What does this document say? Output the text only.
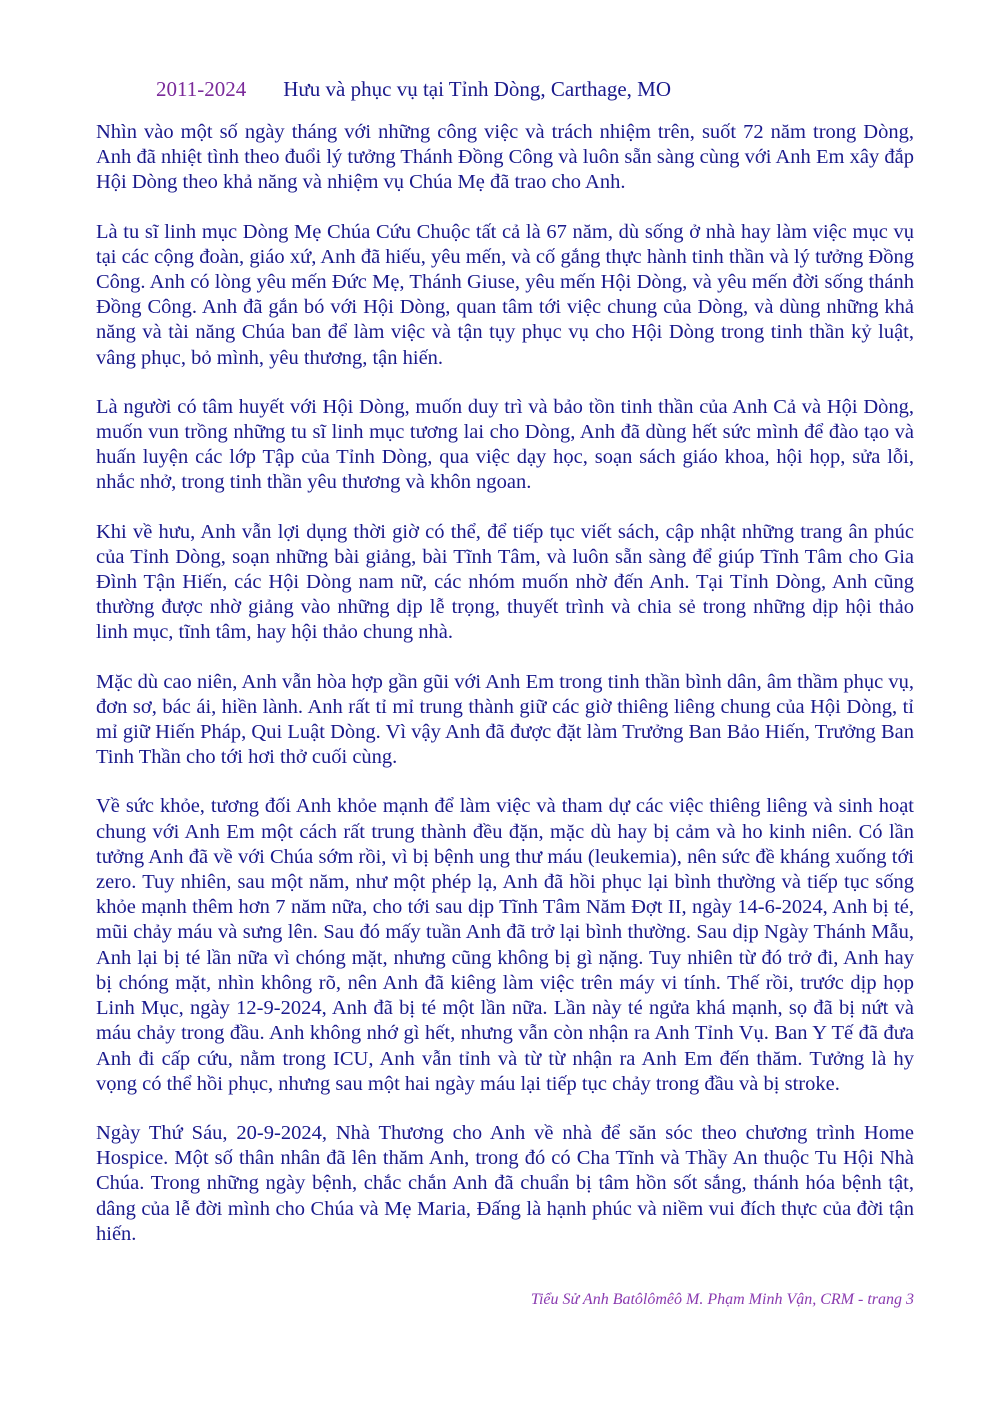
2011-2024 Hưu và phục vụ tại Tỉnh Dòng, Carthage, MO

Nhìn vào một số ngày tháng với những công việc và trách nhiệm trên, suốt 72 năm trong Dòng, Anh đã nhiệt tình theo đuổi lý tưởng Thánh Đồng Công và luôn sẵn sàng cùng với Anh Em xây đắp Hội Dòng theo khả năng và nhiệm vụ Chúa Mẹ đã trao cho Anh.

Là tu sĩ linh mục Dòng Mẹ Chúa Cứu Chuộc tất cả là 67 năm, dù sống ở nhà hay làm việc mục vụ tại các cộng đoàn, giáo xứ, Anh đã hiếu, yêu mến, và cố gắng thực hành tinh thần và lý tưởng Đồng Công. Anh có lòng yêu mến Đức Mẹ, Thánh Giuse, yêu mến Hội Dòng, và yêu mến đời sống thánh Đồng Công. Anh đã gắn bó với Hội Dòng, quan tâm tới việc chung của Dòng, và dùng những khả năng và tài năng Chúa ban để làm việc và tận tụy phục vụ cho Hội Dòng trong tinh thần kỷ luật, vâng phục, bỏ mình, yêu thương, tận hiến.

Là người có tâm huyết với Hội Dòng, muốn duy trì và bảo tồn tinh thần của Anh Cả và Hội Dòng, muốn vun trồng những tu sĩ linh mục tương lai cho Dòng, Anh đã dùng hết sức mình để đào tạo và huấn luyện các lớp Tập của Tỉnh Dòng, qua việc dạy học, soạn sách giáo khoa, hội họp, sửa lỗi, nhắc nhở, trong tinh thần yêu thương và khôn ngoan.

Khi về hưu, Anh vẫn lợi dụng thời giờ có thể, để tiếp tục viết sách, cập nhật những trang ân phúc của Tỉnh Dòng, soạn những bài giảng, bài Tĩnh Tâm, và luôn sẵn sàng để giúp Tĩnh Tâm cho Gia Đình Tận Hiến, các Hội Dòng nam nữ, các nhóm muốn nhờ đến Anh. Tại Tỉnh Dòng, Anh cũng thường được nhờ giảng vào những dịp lễ trọng, thuyết trình và chia sẻ trong những dịp hội thảo linh mục, tĩnh tâm, hay hội thảo chung nhà.

Mặc dù cao niên, Anh vẫn hòa hợp gần gũi với Anh Em trong tinh thần bình dân, âm thầm phục vụ, đơn sơ, bác ái, hiền lành. Anh rất tỉ mỉ trung thành giữ các giờ thiêng liêng chung của Hội Dòng, tỉ mỉ giữ Hiến Pháp, Qui Luật Dòng. Vì vậy Anh đã được đặt làm Trưởng Ban Bảo Hiến, Trưởng Ban Tinh Thần cho tới hơi thở cuối cùng.

Về sức khỏe, tương đối Anh khỏe mạnh để làm việc và tham dự các việc thiêng liêng và sinh hoạt chung với Anh Em một cách rất trung thành đều đặn, mặc dù hay bị cảm và ho kinh niên. Có lần tưởng Anh đã về với Chúa sớm rồi, vì bị bệnh ung thư máu (leukemia), nên sức đề kháng xuống tới zero. Tuy nhiên, sau một năm, như một phép lạ, Anh đã hồi phục lại bình thường và tiếp tục sống khỏe mạnh thêm hơn 7 năm nữa, cho tới sau dịp Tĩnh Tâm Năm Đợt II, ngày 14-6-2024, Anh bị té, mũi chảy máu và sưng lên. Sau đó mấy tuần Anh đã trở lại bình thường. Sau dịp Ngày Thánh Mẫu, Anh lại bị té lần nữa vì chóng mặt, nhưng cũng không bị gì nặng. Tuy nhiên từ đó trở đi, Anh hay bị chóng mặt, nhìn không rõ, nên Anh đã kiêng làm việc trên máy vi tính. Thế rồi, trước dịp họp Linh Mục, ngày 12-9-2024, Anh đã bị té một lần nữa. Lần này té ngửa khá mạnh, sọ đã bị nứt và máu chảy trong đầu. Anh không nhớ gì hết, nhưng vẫn còn nhận ra Anh Tỉnh Vụ. Ban Y Tế đã đưa Anh đi cấp cứu, nằm trong ICU, Anh vẫn tỉnh và từ từ nhận ra Anh Em đến thăm. Tưởng là hy vọng có thể hồi phục, nhưng sau một hai ngày máu lại tiếp tục chảy trong đầu và bị stroke.

Ngày Thứ Sáu, 20-9-2024, Nhà Thương cho Anh về nhà để săn sóc theo chương trình Home Hospice. Một số thân nhân đã lên thăm Anh, trong đó có Cha Tĩnh và Thầy An thuộc Tu Hội Nhà Chúa. Trong những ngày bệnh, chắc chắn Anh đã chuẩn bị tâm hồn sốt sắng, thánh hóa bệnh tật, dâng của lễ đời mình cho Chúa và Mẹ Maria, Đấng là hạnh phúc và niềm vui đích thực của đời tận hiến.

Tiểu Sử Anh Batôlômêô M. Phạm Minh Vận, CRM - trang 3
